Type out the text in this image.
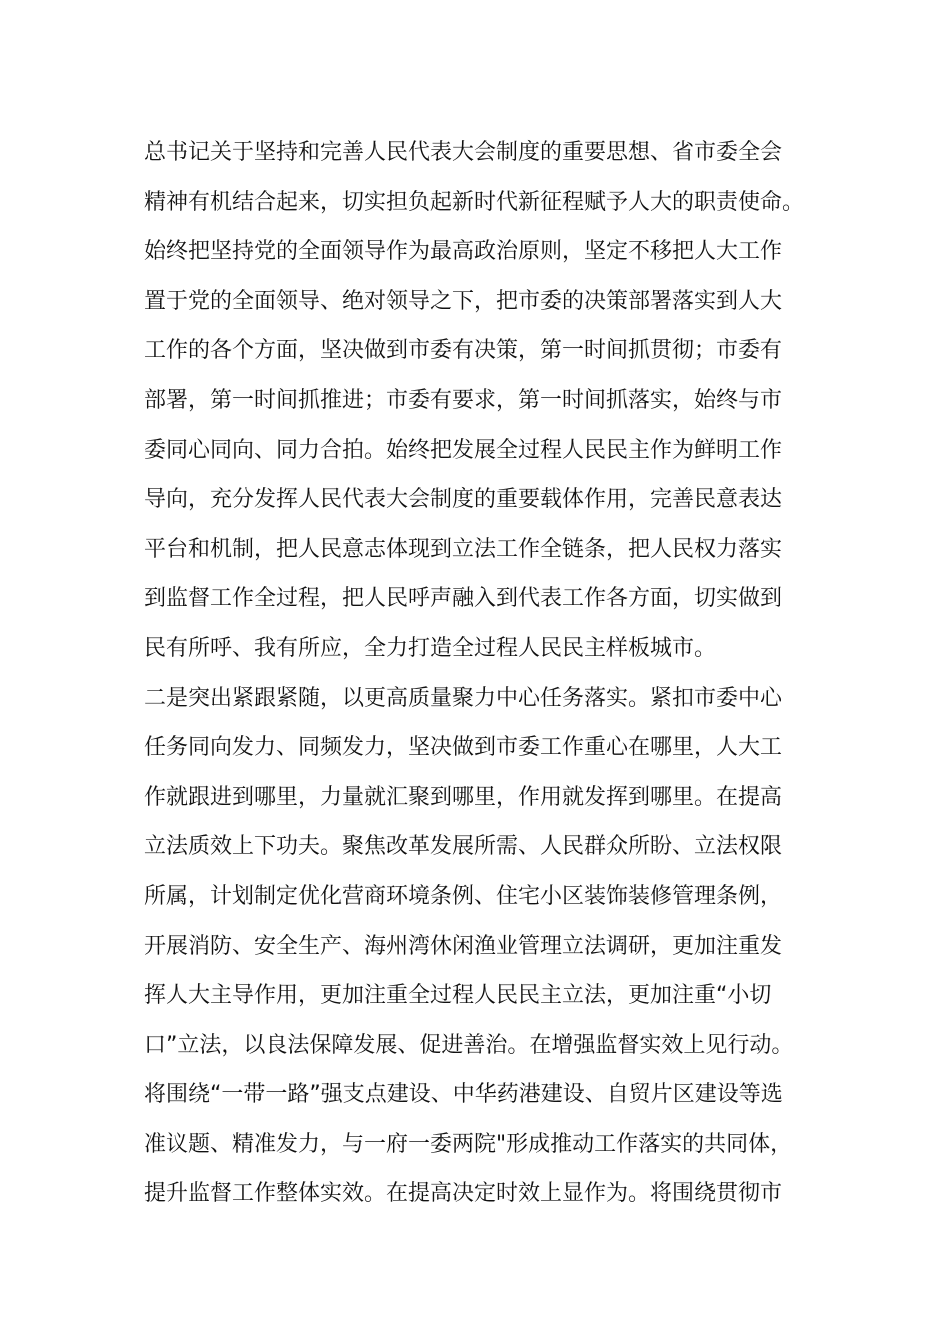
总书记关于坚持和完善人民代表大会制度的重要思想、省市委全会
精神有机结合起来，切实担负起新时代新征程赋予人大的职责使命。
始终把坚持党的全面领导作为最高政治原则，坚定不移把人大工作
置于党的全面领导、绝对领导之下，把市委的决策部署落实到人大
工作的各个方面，坚决做到市委有决策，第一时间抓贯彻；市委有
部署，第一时间抓推进；市委有要求，第一时间抓落实，始终与市
委同心同向、同力合拍。始终把发展全过程人民民主作为鲜明工作
导向，充分发挥人民代表大会制度的重要载体作用，完善民意表达
平台和机制，把人民意志体现到立法工作全链条，把人民权力落实
到监督工作全过程，把人民呼声融入到代表工作各方面，切实做到
民有所呼、我有所应，全力打造全过程人民民主样板城市。
二是突出紧跟紧随，以更高质量聚力中心任务落实。紧扣市委中心
任务同向发力、同频发力，坚决做到市委工作重心在哪里，人大工
作就跟进到哪里，力量就汇聚到哪里，作用就发挥到哪里。在提高
立法质效上下功夫。聚焦改革发展所需、人民群众所盼、立法权限
所属，计划制定优化营商环境条例、住宅小区装饰装修管理条例，
开展消防、安全生产、海州湾休闲渔业管理立法调研，更加注重发
挥人大主导作用，更加注重全过程人民民主立法，更加注重“小切
口”立法，以良法保障发展、促进善治。在增强监督实效上见行动。
将围绕“一带一路”强支点建设、中华药港建设、自贸片区建设等选
准议题、精准发力，与一府一委两院"形成推动工作落实的共同体，
提升监督工作整体实效。在提高决定时效上显作为。将围绕贯彻市
